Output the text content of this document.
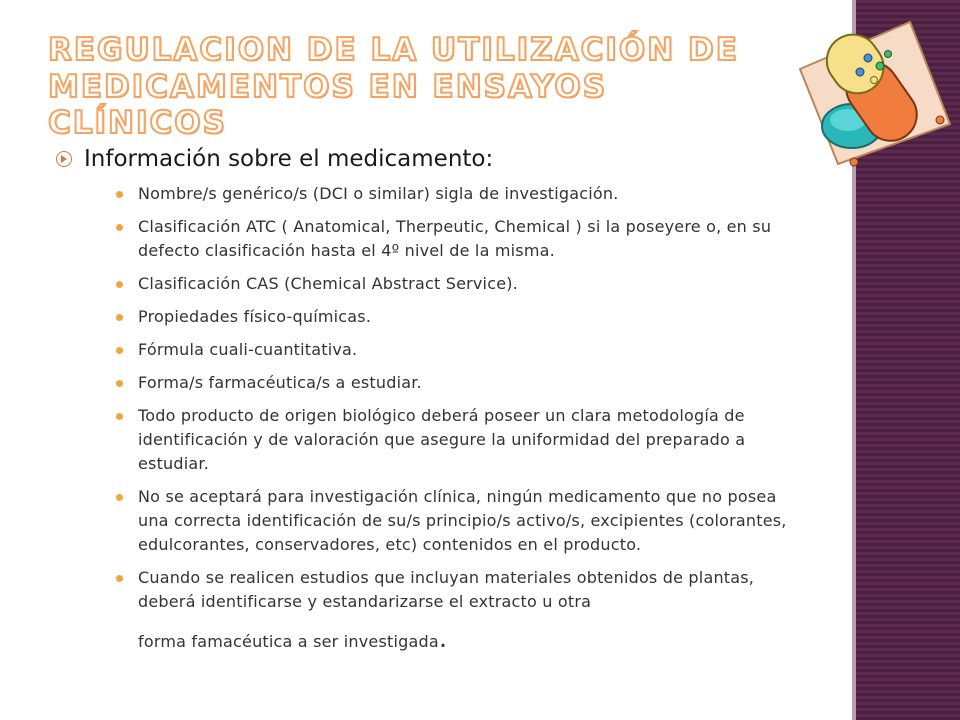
REGULACION DE LA UTILIZACIÓN DE
MEDICAMENTOS EN ENSAYOS CLÍNICOS
Información sobre el medicamento:
Nombre/s genérico/s (DCI o similar) sigla de investigación.
Clasificación ATC ( Anatomical, Therpeutic, Chemical ) si la poseyere o, en su defecto clasificación hasta el 4º nivel de la misma.
Clasificación CAS (Chemical Abstract Service).
Propiedades físico-químicas.
Fórmula cuali-cuantitativa.
Forma/s farmacéutica/s a estudiar.
Todo producto de origen biológico deberá poseer un clara metodología de identificación y de valoración que asegure la uniformidad del preparado a estudiar.
No se aceptará para investigación clínica, ningún medicamento que no posea una correcta identificación de su/s principio/s activo/s, excipientes (colorantes, edulcorantes, conservadores, etc) contenidos en el producto.
Cuando se realicen estudios que incluyan materiales obtenidos de plantas, deberá identificarse y estandarizarse el extracto u otra
forma famacéutica a ser investigada.
